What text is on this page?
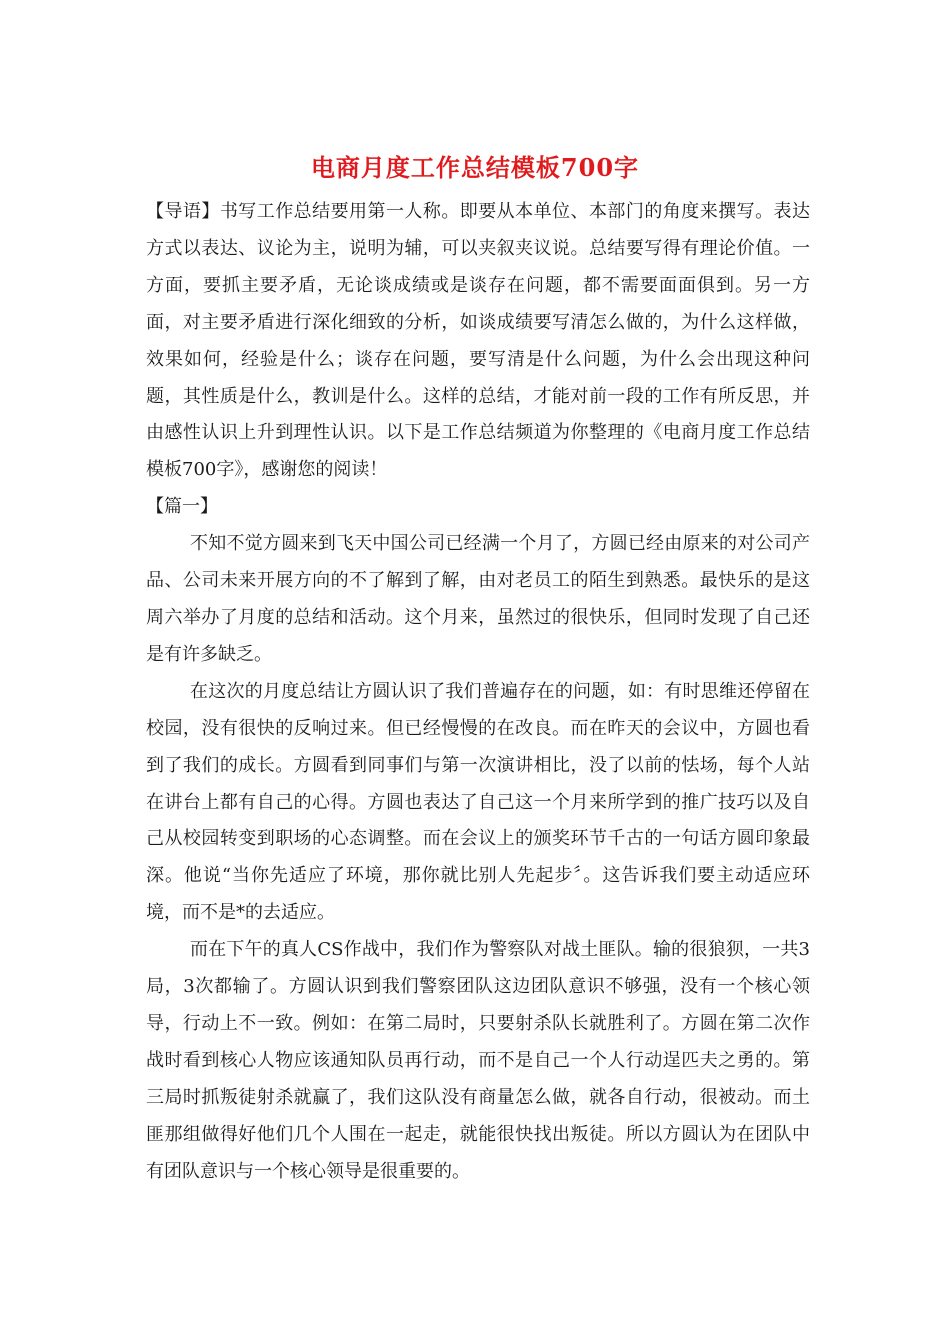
电商月度工作总结模板700字

【导语】书写工作总结要用第一人称。即要从本单位、本部门的角度来撰写。表达方式以表达、议论为主，说明为辅，可以夹叙夹议说。总结要写得有理论价值。一方面，要抓主要矛盾，无论谈成绩或是谈存在问题，都不需要面面俱到。另一方面，对主要矛盾进行深化细致的分析，如谈成绩要写清怎么做的，为什么这样做，效果如何，经验是什么；谈存在问题，要写清是什么问题，为什么会出现这种问题，其性质是什么，教训是什么。这样的总结，才能对前一段的工作有所反思，并由感性认识上升到理性认识。以下是工作总结频道为你整理的《电商月度工作总结模板700字》，感谢您的阅读！

【篇一】

不知不觉方圆来到飞天中国公司已经满一个月了，方圆已经由原来的对公司产品、公司未来开展方向的不了解到了解，由对老员工的陌生到熟悉。最快乐的是这周六举办了月度的总结和活动。这个月来，虽然过的很快乐，但同时发现了自己还是有许多缺乏。

在这次的月度总结让方圆认识了我们普遍存在的问题，如：有时思维还停留在校园，没有很快的反响过来。但已经慢慢的在改良。而在昨天的会议中，方圆也看到了我们的成长。方圆看到同事们与第一次演讲相比，没了以前的怯场，每个人站在讲台上都有自己的心得。方圆也表达了自己这一个月来所学到的推广技巧以及自己从校园转变到职场的心态调整。而在会议上的颁奖环节千古的一句话方圆印象最深。他说“当你先适应了环境，那你就比别人先起步〞。这告诉我们要主动适应环境，而不是*的去适应。

而在下午的真人CS作战中，我们作为警察队对战土匪队。输的很狼狈，一共3局，3次都输了。方圆认识到我们警察团队这边团队意识不够强，没有一个核心领导，行动上不一致。例如：在第二局时，只要射杀队长就胜利了。方圆在第二次作战时看到核心人物应该通知队员再行动，而不是自己一个人行动逞匹夫之勇的。第三局时抓叛徒射杀就赢了，我们这队没有商量怎么做，就各自行动，很被动。而土匪那组做得好他们几个人围在一起走，就能很快找出叛徒。所以方圆认为在团队中有团队意识与一个核心领导是很重要的。
